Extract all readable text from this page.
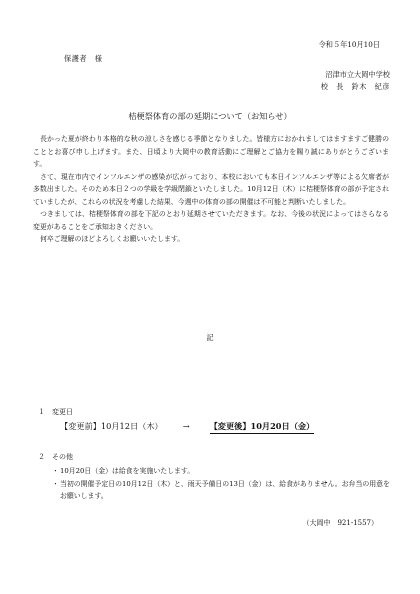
令和５年10月10日
保護者　様
沼津市立大岡中学校
校　長　鈴木　紀彦
桔梗祭体育の部の延期について（お知らせ）

長かった夏が終わり本格的な秋の涼しさを感じる季節となりました。皆様方におかれましてはますますご健勝のこととお喜び申し上げます。また、日頃より大岡中の教育活動にご理解とご協力を賜り誠にありがとうございます。

さて、現在市内でインフルエンザの感染が広がっており、本校においても本日インフルエンザ等による欠席者が多数出ました。そのため本日２つの学級を学級閉鎖といたしました。10月12日（木）に桔梗祭体育の部が予定されていましたが、これらの状況を考慮した結果、今週中の体育の部の開催は不可能と判断いたしました。

つきましては、桔梗祭体育の部を下記のとおり延期させていただきます。なお、今後の状況によってはさらなる変更があることをご承知おきください。

何卒ご理解のほどよろしくお願いいたします。

記
１　変更日
【変更前】10月12日（木） → 【変更後】10月20日（金）
２　その他
・ 10月20日（金）は給食を実施いたします。
・ 当初の開催予定日の10月12日（木）と、雨天予備日の13日（金）は、給食がありません。お弁当の用意をお願いします。
（大岡中　921-1557）
